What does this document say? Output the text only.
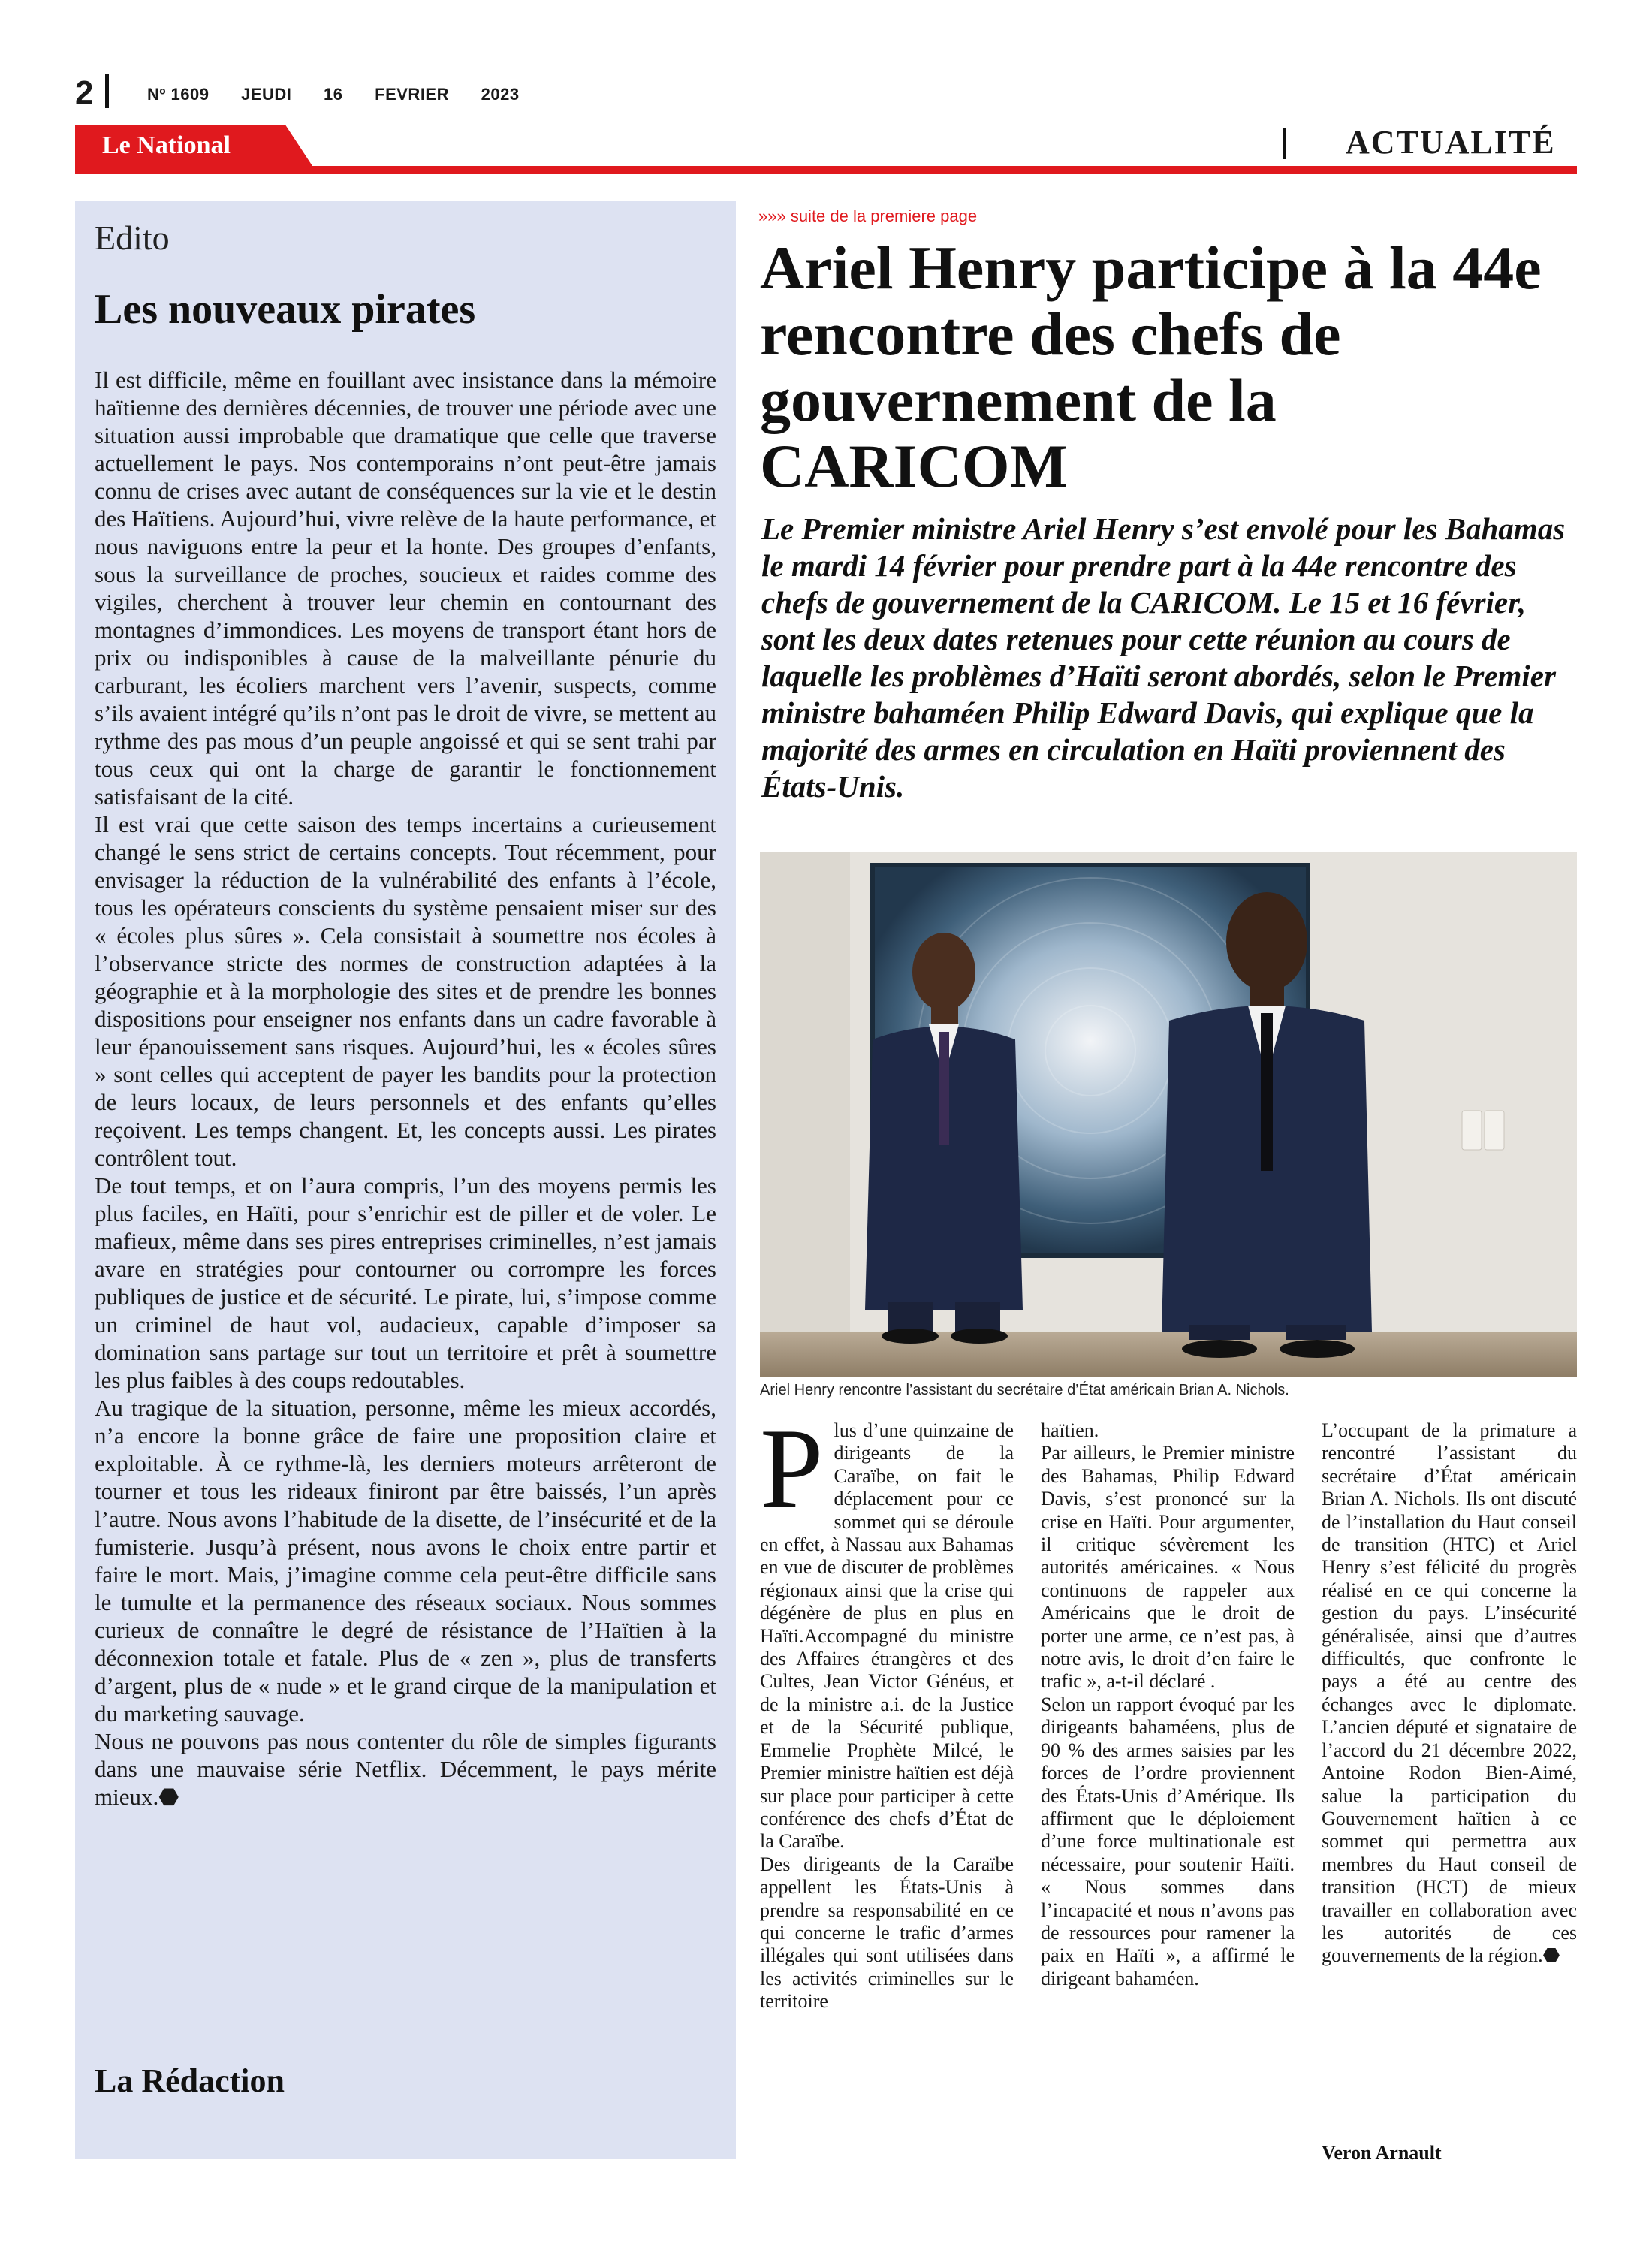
2	Nº 1609 JEUDI 16 FEVRIER 2023
Le National	ACTUALITÉ
Edito
Les nouveaux pirates

Il est difficile, même en fouillant avec insistance dans la mémoire haïtienne des dernières décennies, de trouver une période avec une situation aussi improbable que dramatique que celle que traverse actuellement le pays. Nos contemporains n’ont peut-être jamais connu de crises avec autant de conséquences sur la vie et le destin des Haïtiens. Aujourd’hui, vivre relève de la haute performance, et nous naviguons entre la peur et la honte. Des groupes d’enfants, sous la surveillance de proches, soucieux et raides comme des vigiles, cherchent à trouver leur chemin en contournant des montagnes d’immondices. Les moyens de transport étant hors de prix ou indisponibles à cause de la malveillante pénurie du carburant, les écoliers marchent vers l’avenir, suspects, comme s’ils avaient intégré qu’ils n’ont pas le droit de vivre, se mettent au rythme des pas mous d’un peuple angoissé et qui se sent trahi par tous ceux qui ont la charge de garantir le fonctionnement satisfaisant de la cité.

Il est vrai que cette saison des temps incertains a curieusement changé le sens strict de certains concepts. Tout récemment, pour envisager la réduction de la vulnérabilité des enfants à l’école, tous les opérateurs conscients du système pensaient miser sur des « écoles plus sûres ». Cela consistait à soumettre nos écoles à l’observance stricte des normes de construction adaptées à la géographie et à la morphologie des sites et de prendre les bonnes dispositions pour enseigner nos enfants dans un cadre favorable à leur épanouissement sans risques. Aujourd’hui, les « écoles sûres » sont celles qui acceptent de payer les bandits pour la protection de leurs locaux, de leurs personnels et des enfants qu’elles reçoivent. Les temps changent. Et, les concepts aussi. Les pirates contrôlent tout.

De tout temps, et on l’aura compris, l’un des moyens permis les plus faciles, en Haïti, pour s’enrichir est de piller et de voler. Le mafieux, même dans ses pires entreprises criminelles, n’est jamais avare en stratégies pour contourner ou corrompre les forces publiques de justice et de sécurité. Le pirate, lui, s’impose comme un criminel de haut vol, audacieux, capable d’imposer sa domination sans partage sur tout un territoire et prêt à soumettre les plus faibles à des coups redoutables.

Au tragique de la situation, personne, même les mieux accordés, n’a encore la bonne grâce de faire une proposition claire et exploitable. À ce rythme-là, les derniers moteurs arrêteront de tourner et tous les rideaux finiront par être baissés, l’un après l’autre. Nous avons l’habitude de la disette, de l’insécurité et de la fumisterie. Jusqu’à présent, nous avons le choix entre partir et faire le mort. Mais, j’imagine comme cela peut-être difficile sans le tumulte et la permanence des réseaux sociaux. Nous sommes curieux de connaître le degré de résistance de l’Haïtien à la déconnexion totale et fatale. Plus de « zen », plus de transferts d’argent, plus de « nude » et le grand cirque de la manipulation et du marketing sauvage.

Nous ne pouvons pas nous contenter du rôle de simples figurants dans une mauvaise série Netflix. Décemment, le pays mérite mieux.⬣

La Rédaction
»»» suite de la premiere page
Ariel Henry participe à la 44e rencontre des chefs de gouvernement de la CARICOM
Le Premier ministre Ariel Henry s’est envolé pour les Bahamas le mardi 14 février pour prendre part à la 44e rencontre des chefs de gouvernement de la CARICOM. Le 15 et 16 février, sont les deux dates retenues pour cette réunion au cours de laquelle les problèmes d’Haïti seront abordés, selon le Premier ministre bahaméen Philip Edward Davis, qui explique que la majorité des armes en circulation en Haïti proviennent des États-Unis.
Ariel Henry rencontre l’assistant du secrétaire d’État américain Brian A. Nichols.
P lus d’une quinzaine de dirigeants de la Caraïbe, on fait le déplacement pour ce sommet qui se déroule en effet, à Nassau aux Bahamas en vue de discuter de problèmes régionaux ainsi que la crise qui dégénère de plus en plus en Haïti.Accompagné du ministre des Affaires étrangères et des Cultes, Jean Victor Généus, et de la ministre a.i. de la Justice et de la Sécurité publique, Emmelie Prophète Milcé, le Premier ministre haïtien est déjà sur place pour participer à cette conférence des chefs d’État de la Caraïbe.

Des dirigeants de la Caraïbe appellent les États-Unis à prendre sa responsabilité en ce qui concerne le trafic d’armes illégales qui sont utilisées dans les activités criminelles sur le territoire

haïtien.

Par ailleurs, le Premier ministre des Bahamas, Philip Edward Davis, s’est prononcé sur la crise en Haïti. Pour argumenter, il critique sévèrement les autorités américaines. « Nous continuons de rappeler aux Américains que le droit de porter une arme, ce n’est pas, à notre avis, le droit d’en faire le trafic », a-t-il déclaré .

Selon un rapport évoqué par les dirigeants bahaméens, plus de 90 % des armes saisies par les forces de l’ordre proviennent des États-Unis d’Amérique. Ils affirment que le déploiement d’une force multinationale est nécessaire, pour soutenir Haïti. « Nous sommes dans l’incapacité et nous n’avons pas de ressources pour ramener la paix en Haïti », a affirmé le dirigeant bahaméen.

L’occupant de la primature a rencontré l’assistant du secrétaire d’État américain Brian A. Nichols. Ils ont discuté de l’installation du Haut conseil de transition (HTC) et Ariel Henry s’est félicité du progrès réalisé en ce qui concerne la gestion du pays. L’insécurité généralisée, ainsi que d’autres difficultés, que confronte le pays a été au centre des échanges avec le diplomate. L’ancien député et signataire de l’accord du 21 décembre 2022, Antoine Rodon Bien-Aimé, salue la participation du Gouvernement haïtien à ce sommet qui permettra aux membres du Haut conseil de transition (HCT) de mieux travailler en collaboration avec les autorités de ces gouvernements de la région.⬣

Veron Arnault
